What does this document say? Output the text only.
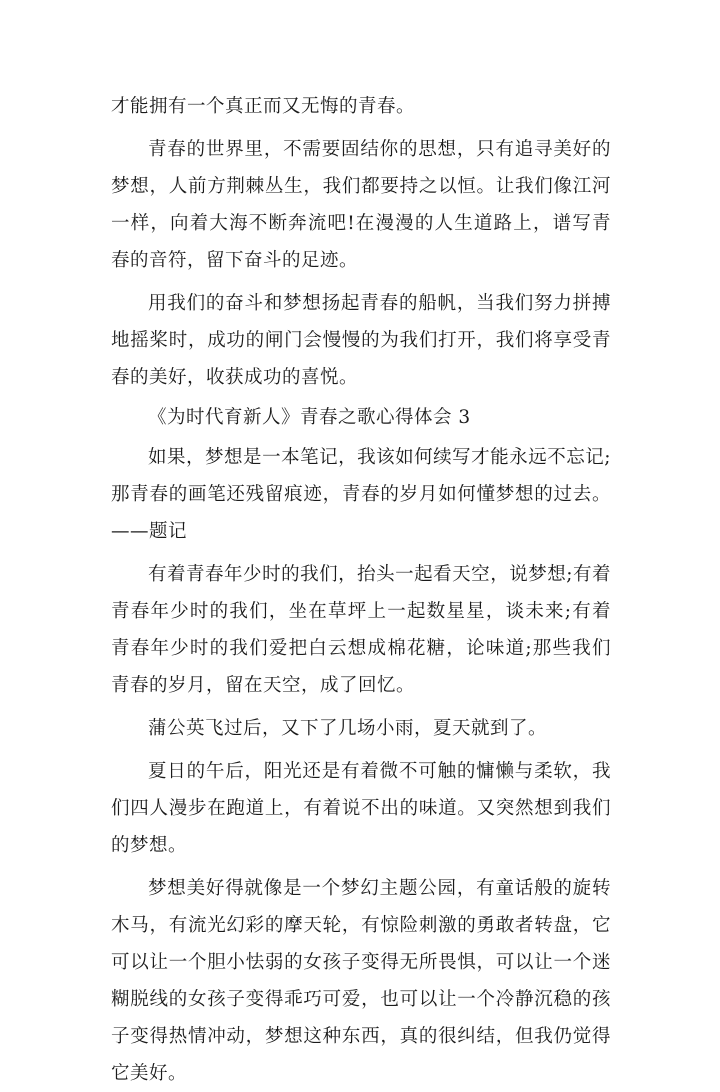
才能拥有一个真正而又无悔的青春。

青春的世界里，不需要固结你的思想，只有追寻美好的梦想，人前方荆棘丛生，我们都要持之以恒。让我们像江河一样，向着大海不断奔流吧!在漫漫的人生道路上，谱写青春的音符，留下奋斗的足迹。

用我们的奋斗和梦想扬起青春的船帆，当我们努力拼搏地摇桨时，成功的闸门会慢慢的为我们打开，我们将享受青春的美好，收获成功的喜悦。

《为时代育新人》青春之歌心得体会 3

如果，梦想是一本笔记，我该如何续写才能永远不忘记;那青春的画笔还残留痕迹，青春的岁月如何懂梦想的过去。——题记

有着青春年少时的我们，抬头一起看天空，说梦想;有着青春年少时的我们，坐在草坪上一起数星星，谈未来;有着青春年少时的我们爱把白云想成棉花糖，论味道;那些我们青春的岁月，留在天空，成了回忆。

蒲公英飞过后，又下了几场小雨，夏天就到了。

夏日的午后，阳光还是有着微不可触的慵懒与柔软，我们四人漫步在跑道上，有着说不出的味道。又突然想到我们的梦想。

梦想美好得就像是一个梦幻主题公园，有童话般的旋转木马，有流光幻彩的摩天轮，有惊险刺激的勇敢者转盘，它可以让一个胆小怯弱的女孩子变得无所畏惧，可以让一个迷糊脱线的女孩子变得乖巧可爱，也可以让一个冷静沉稳的孩子变得热情冲动，梦想这种东西，真的很纠结，但我仍觉得它美好。
